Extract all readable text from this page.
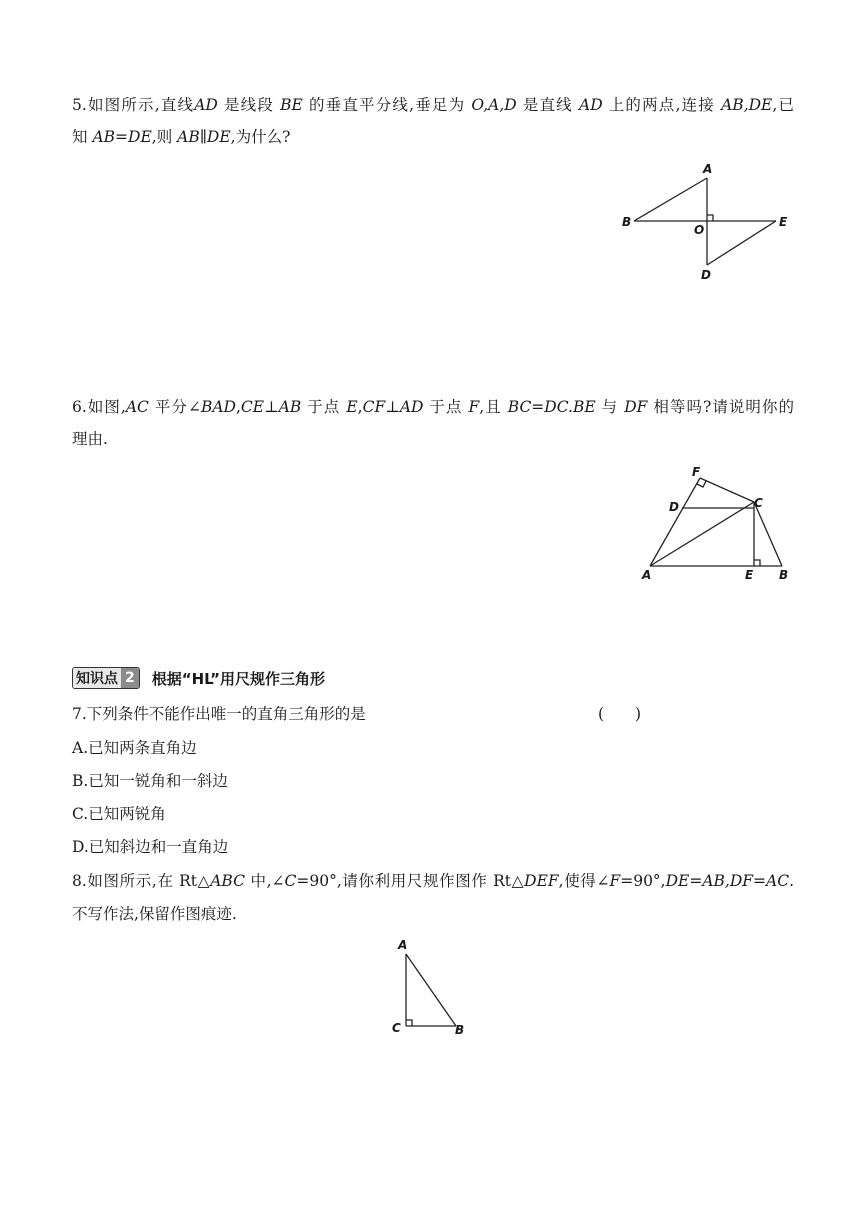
5.如图所示,直线AD 是线段 BE 的垂直平分线,垂足为 O,A,D 是直线 AD 上的两点,连接 AB,DE,已
知 AB=DE,则 AB∥DE,为什么?
A
B
O
E
D
6.如图,AC 平分∠BAD,CE⊥AB 于点 E,CF⊥AD 于点 F,且 BC=DC.BE 与 DF 相等吗?请说明你的
理由.
F
D	C
A	E B
知识点 2 根据“HL”用尺规作三角形
7.下列条件不能作出唯一的直角三角形的是	(　　)
A.已知两条直角边
B.已知一锐角和一斜边
C.已知两锐角
D.已知斜边和一直角边
8.如图所示,在 Rt△ABC 中,∠C=90°,请你利用尺规作图作 Rt△DEF,使得∠F=90°,DE=AB,DF=AC.
不写作法,保留作图痕迹.
A
C	B
